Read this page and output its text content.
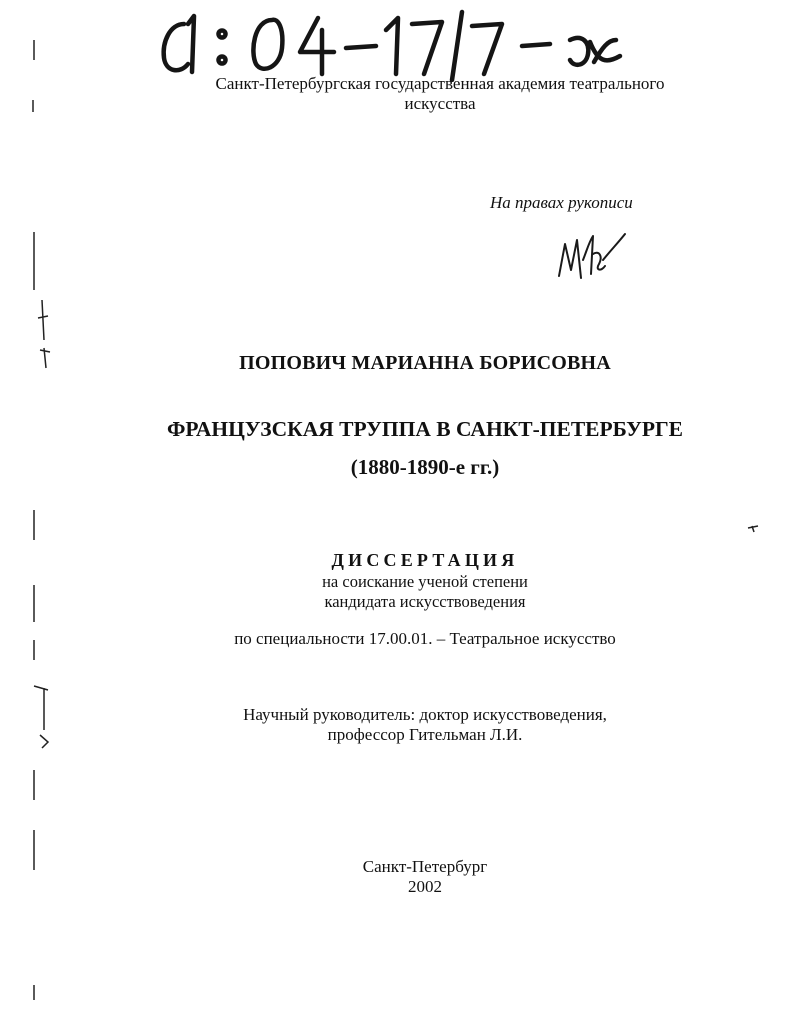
Санкт-Петербургская государственная академия театрального
искусства
На правах рукописи
ПОПОВИЧ МАРИАННА БОРИСОВНА
ФРАНЦУЗСКАЯ ТРУППА В САНКТ-ПЕТЕРБУРГЕ
(1880-1890-е гг.)
ДИССЕРТАЦИЯ
на соискание ученой степени
кандидата искусствоведения
по специальности 17.00.01. – Театральное искусство
Научный руководитель: доктор искусствоведения,
профессор Гительман Л.И.
Санкт-Петербург
2002
